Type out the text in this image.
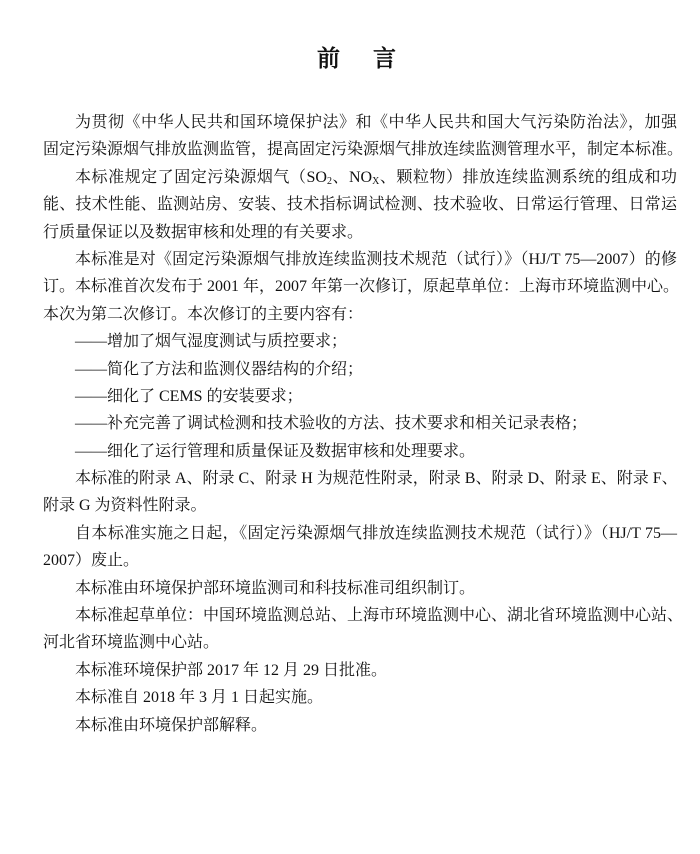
前 言
为贯彻《中华人民共和国环境保护法》和《中华人民共和国大气污染防治法》，加强
固定污染源烟气排放监测监管，提高固定污染源烟气排放连续监测管理水平，制定本标准。
本标准规定了固定污染源烟气（$SO_2$、$NO_X$、颗粒物）排放连续监测系统的组成和功
能、技术性能、监测站房、安装、技术指标调试检测、技术验收、日常运行管理、日常运
行质量保证以及数据审核和处理的有关要求。
本标准是对《固定污染源烟气排放连续监测技术规范（试行）》（HJ/T 75—2007）的修
订。本标准首次发布于 2001 年，2007 年第一次修订，原起草单位：上海市环境监测中心。
本次为第二次修订。本次修订的主要内容有：
——增加了烟气湿度测试与质控要求；
——简化了方法和监测仪器结构的介绍；
——细化了 CEMS 的安装要求；
——补充完善了调试检测和技术验收的方法、技术要求和相关记录表格；
——细化了运行管理和质量保证及数据审核和处理要求。
本标准的附录 A、附录 C、附录 H 为规范性附录，附录 B、附录 D、附录 E、附录 F、
附录 G 为资料性附录。
自本标准实施之日起，《固定污染源烟气排放连续监测技术规范（试行）》（HJ/T 75—
2007）废止。
本标准由环境保护部环境监测司和科技标准司组织制订。
本标准起草单位：中国环境监测总站、上海市环境监测中心、湖北省环境监测中心站、
河北省环境监测中心站。
本标准环境保护部 2017 年 12 月 29 日批准。
本标准自 2018 年 3 月 1 日起实施。
本标准由环境保护部解释。
